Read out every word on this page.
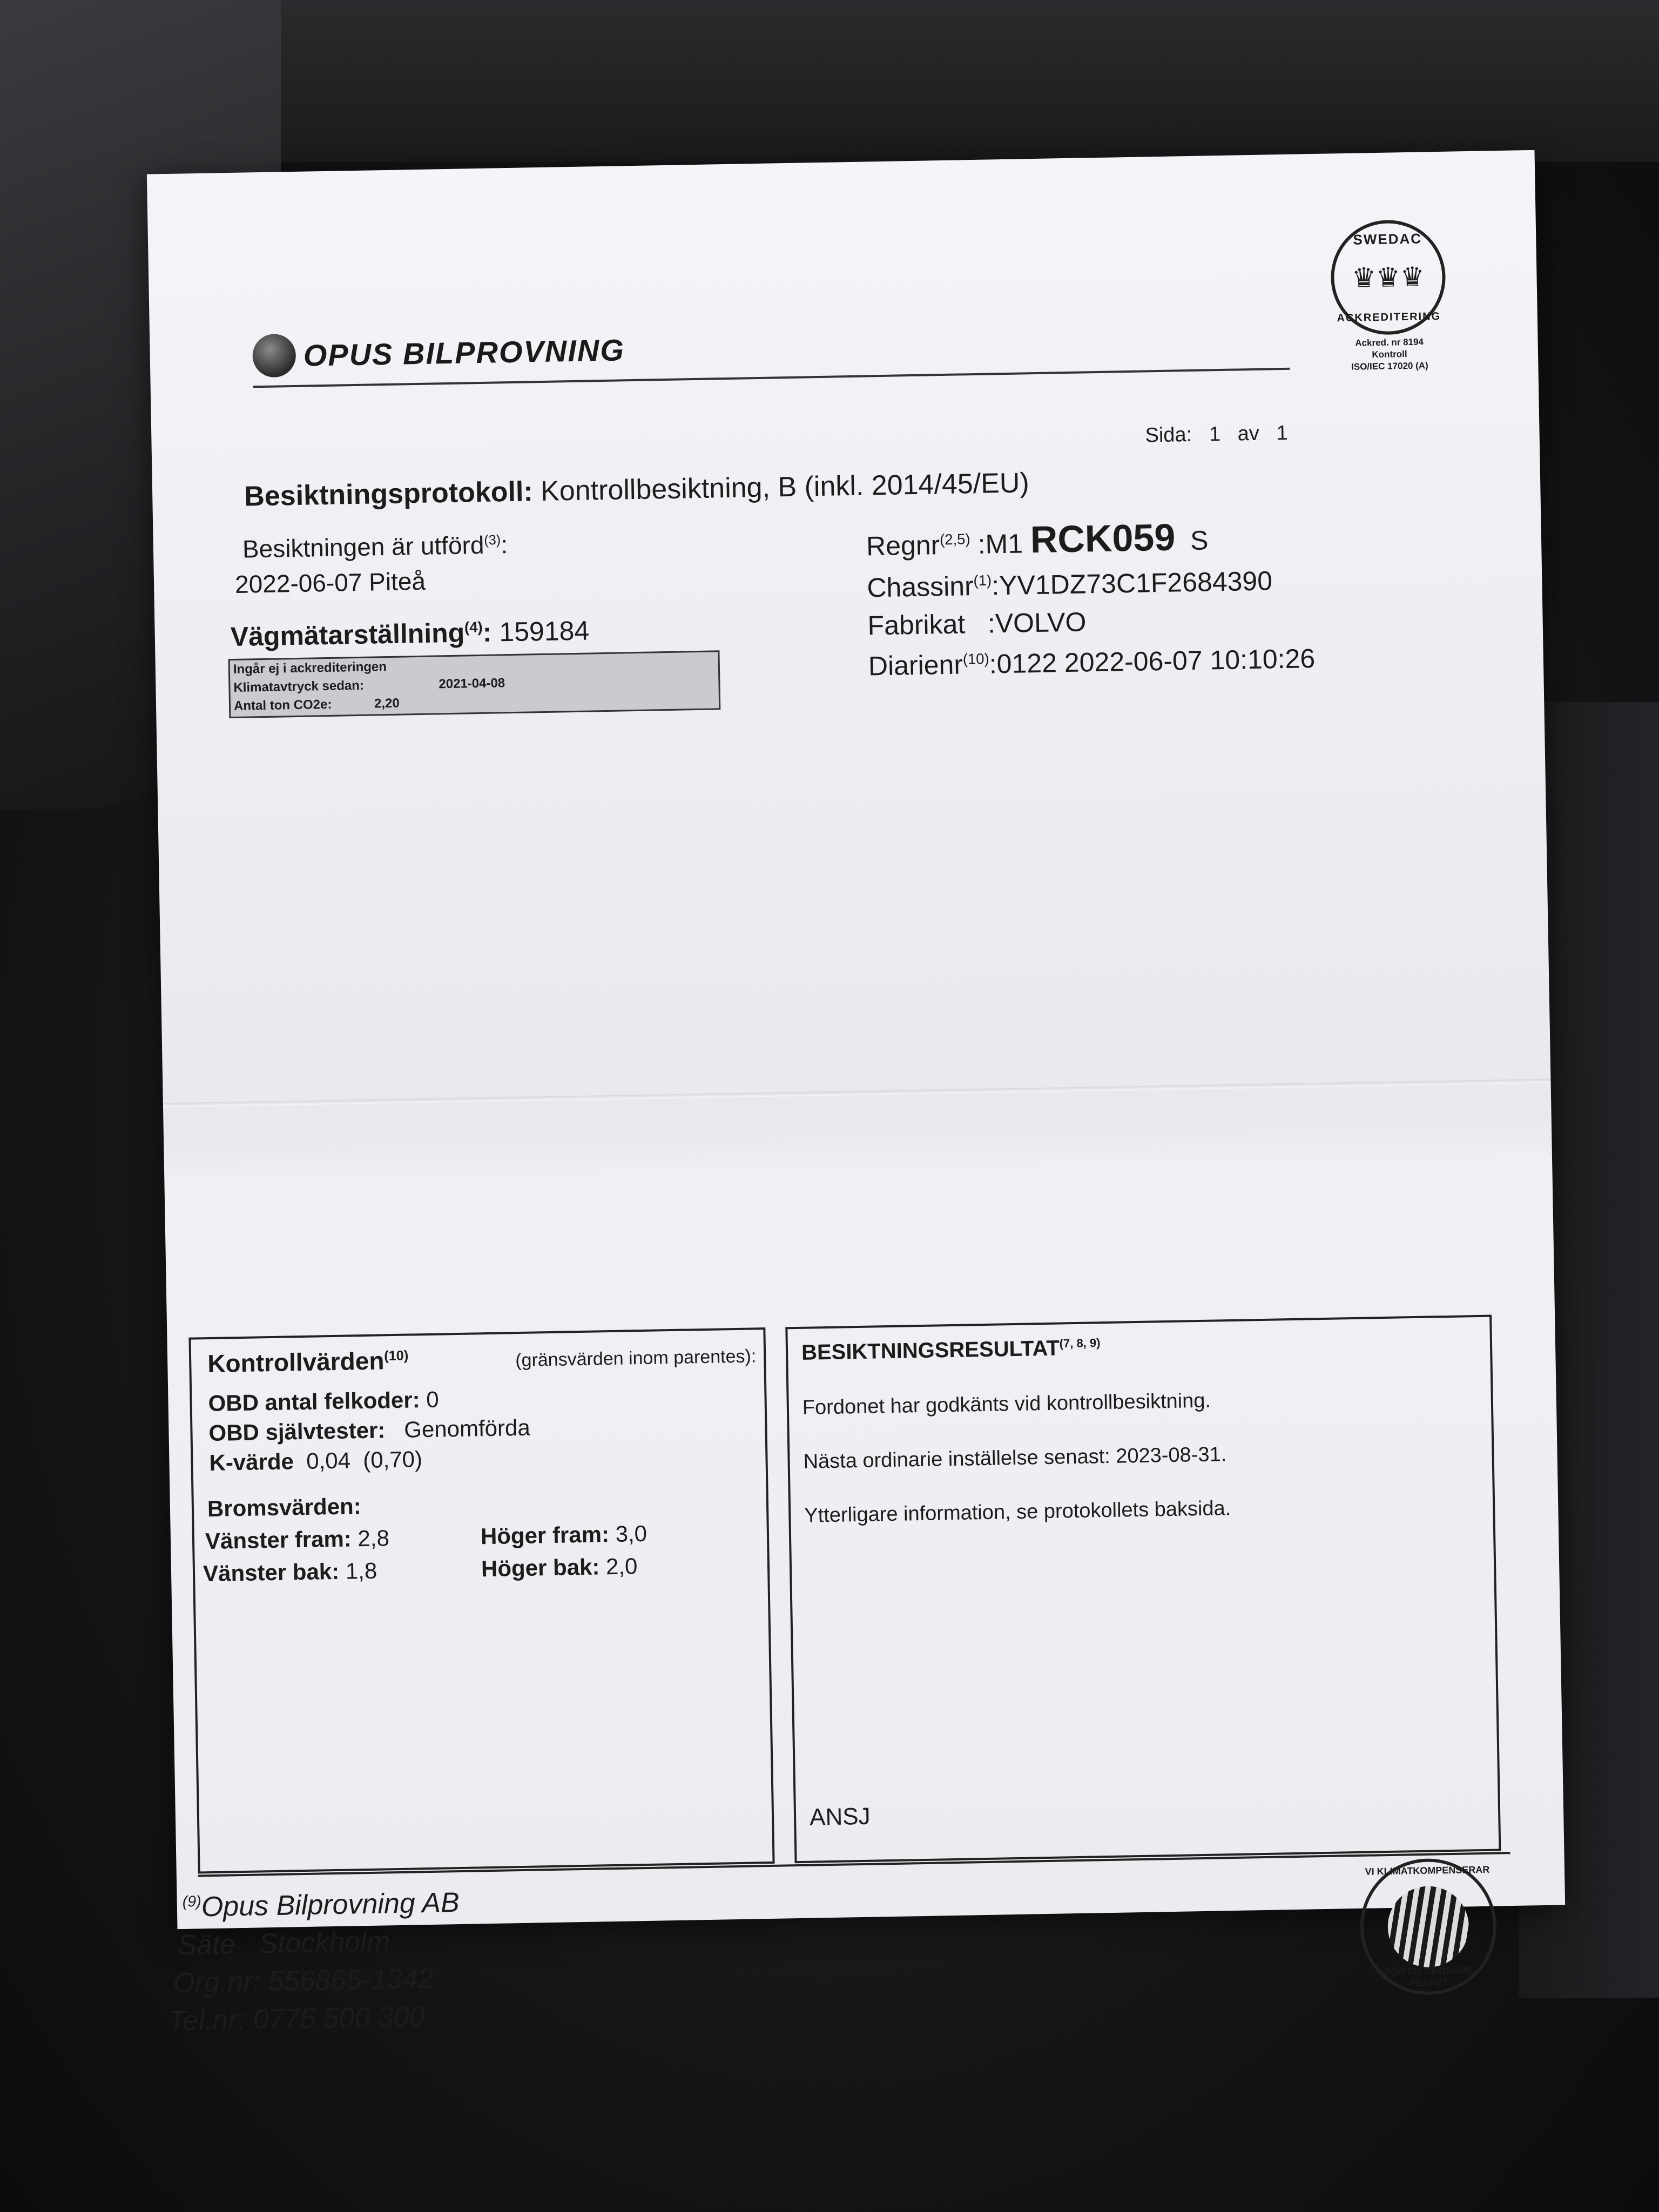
OPUS BILPROVNING
SWEDAC
♛♛♛
ACKREDITERING
Ackred. nr 8194
Kontroll
ISO/IEC 17020 (A)
Sida: 1 av 1
Besiktningsprotokoll: Kontrollbesiktning, B (inkl. 2014/45/EU)
Besiktningen är utförd$^{(3)}$:
2022-06-07 Piteå
Vägmätarställning$^{(4)}$: 159184
Ingår ej i ackrediteringen
Klimatavtryck sedan:	2021-04-08
Antal ton CO2e:	2,20
Regnr$^{(2,5)}$ :M1 RCK059 S
Chassinr$^{(1)}$:YV1DZ73C1F2684390
Fabrikat :VOLVO
Diarienr$^{(10)}$:0122 2022-06-07 10:10:26
Kontrollvärden$^{(10)}$	(gränsvärden inom parentes):
OBD antal felkoder: 0
OBD självtester: Genomförda
K-värde 0,04  (0,70)
Bromsvärden:
Vänster fram: 2,8	Höger fram: 3,0
Vänster bak: 1,8	Höger bak: 2,0
BESIKTNINGSRESULTAT$^{(7, 8, 9)}$
Fordonet har godkänts vid kontrollbesiktning.
Nästa ordinarie inställelse senast: 2023-08-31.
Ytterligare information, se protokollets baksida.
ANSJ
$^{(9)}$Opus Bilprovning AB
Säte Stockholm
Org.nr: 556865-1342
Tel.nr: 0775 500 300
VI KLIMATKOMPENSERAR
FÖR EN GRÖNARE PLANET
